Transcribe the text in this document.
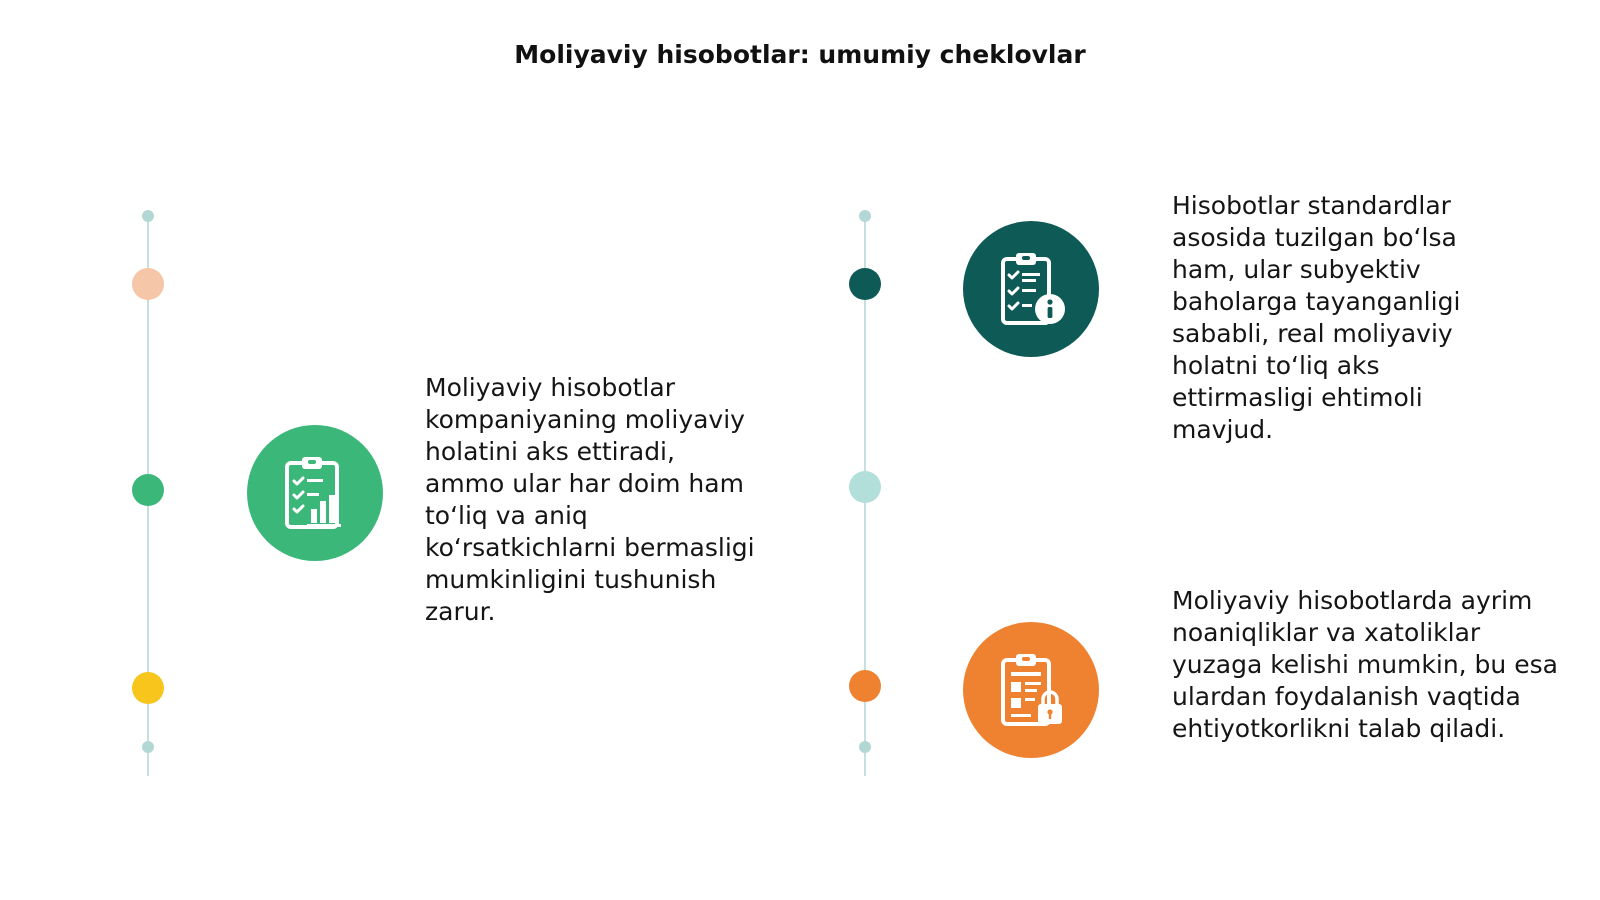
Moliyaviy hisobotlar: umumiy cheklovlar
Moliyaviy hisobotlar kompaniyaning moliyaviy holatini aks ettiradi, ammo ular har doim ham to‘liq va aniq ko‘rsatkichlarni bermasligi mumkinligini tushunish zarur.
Hisobotlar standardlar asosida tuzilgan bo‘lsa ham, ular subyektiv baholarga tayanganligi sababli, real moliyaviy holatni to‘liq aks ettirmasligi ehtimoli mavjud.
Moliyaviy hisobotlarda ayrim noaniqliklar va xatoliklar yuzaga kelishi mumkin, bu esa ulardan foydalanish vaqtida ehtiyotkorlikni talab qiladi.
